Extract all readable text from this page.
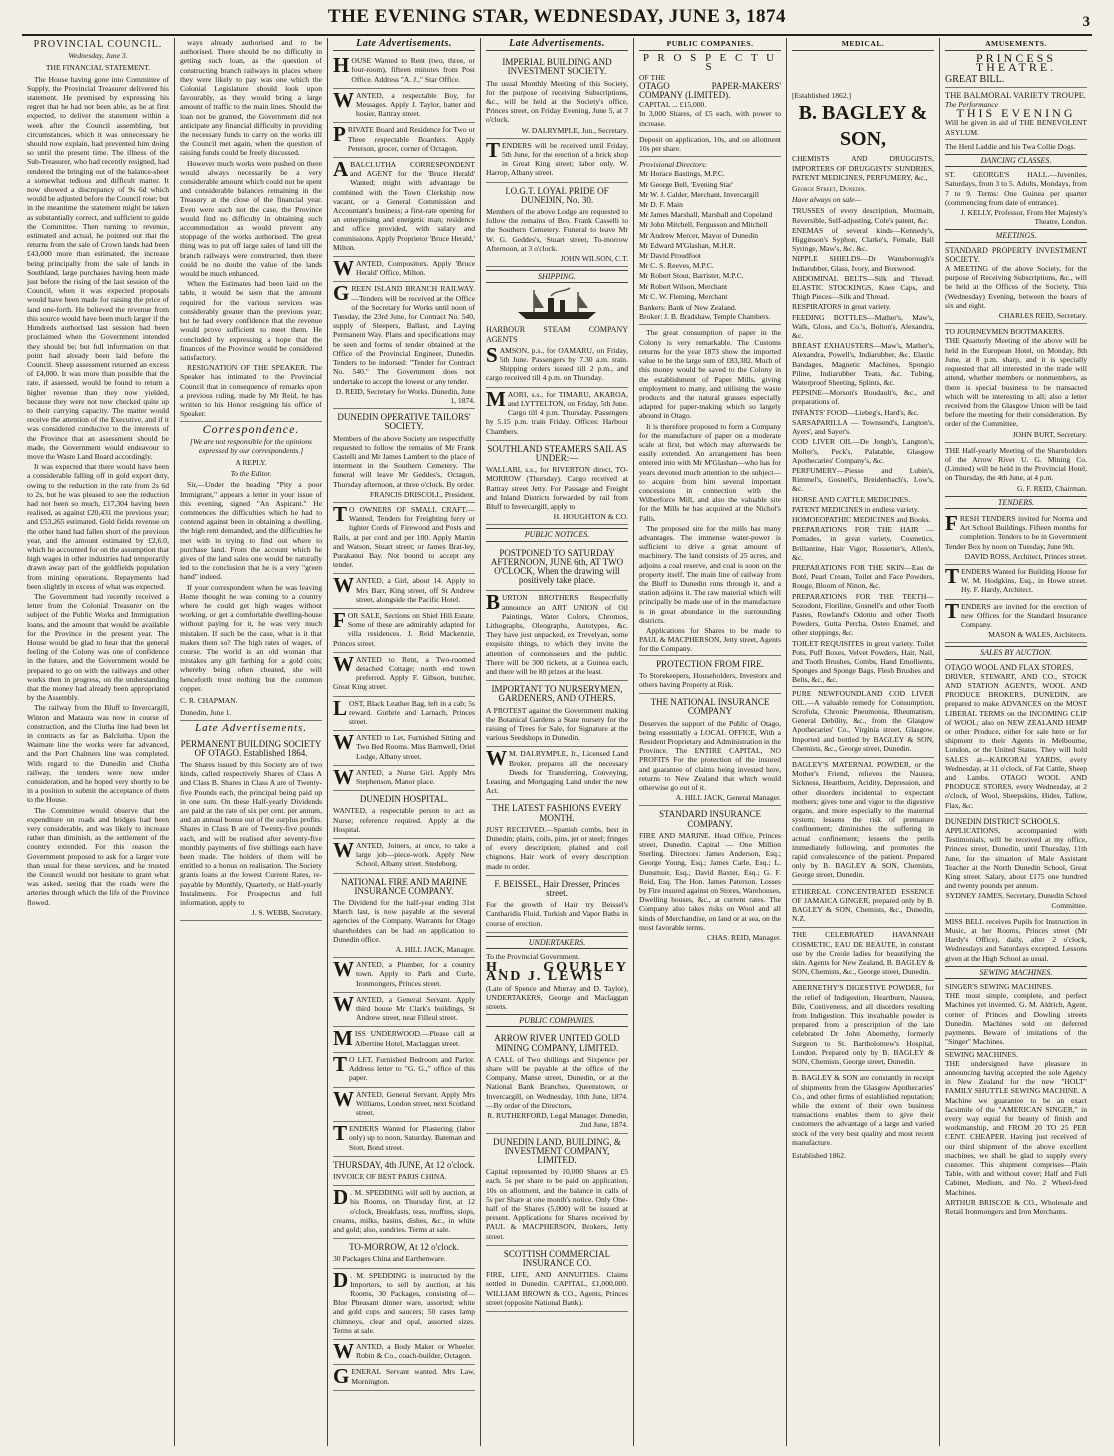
THE EVENING STAR, WEDNESDAY, JUNE 3, 1874	3
PROVINCIAL COUNCIL.
Wednesday, June 3.
THE FINANCIAL STATEMENT.

The House having gone into Committee of Supply, the Provincial Treasurer delivered his statement. He premised by expressing his regret that he had not been able, as he at first expected, to deliver the statement within a week after the Council assembling, but circumstances, which it was unnecessary he should now explain, had prevented him doing so until the present time. The illness of the Sub-Treasurer, who had recently resigned, had rendered the bringing out of the balance-sheet a somewhat tedious and difficult matter. It now showed a discrepancy of 9s 6d which would be adjusted before the Council rose; but in the meantime the statement might be taken as substantially correct, and sufficient to guide the Committee. Then turning to revenue, estimated and actual, he pointed out that the returns from the sale of Crown lands had been £43,000 more than estimated, the increase being principally from the sale of lands in Southland, large purchases having been made just before the rising of the last session of the Council, when it was expected proposals would have been made for raising the price of land one-forth. He believed the revenue from this source would have been much larger if the Hundreds authorised last session had been proclaimed when the Government intended they should be; but full information on that point had already been laid before the Council. Sheep assessment returned an excess of £4,000. It was more than possible that the rate, if assessed, would be found to return a higher revenue than they now yielded, because they were not now checked quite up to their carrying capacity. The matter would receive the attention of the Executive, and if it was considered conducive to the interests of the Province that an assessment should be made, the Government would endeavour to move the Waste Land Board accordingly.

It was expected that there would have been a considerable falling off in gold export duty, owing to the reduction in the rate from 2s 6d to 2s, but he was pleased to see the reduction had not been so much, £17,304 having been realised, as against £20,431 the previous year; and £53,265 estimated. Gold fields revenue on the other hand had fallen short of the previous year, and the amount estimated by £2,6.0, which he accounted for on the assumption that high wages in other industries had temporarily drawn away part of the goldfields population from mining operations. Repayments had been slightly in excess of what was expected.

The Government had recently received a letter from the Colonial Treasurer on the subject of the Public Works and Immigration loans, and the amount that would be available for the Province in the present year. The House would be glad to hear that the general feeling of the Colony was one of confidence in the future, and the Government would be prepared to go on with the railways and other works then in progress, on the understanding that the money had already been appropriated by the Assembly.

The railway from the Bluff to Invercargill, Winton and Mataura was now in course of construction, and the Clutha line had been let in contracts as far as Balclutha. Upon the Waimate line the works were far advanced, and the Port Chalmers line was completed. With regard to the Dunedin and Clutha railway, the tenders were now under consideration, and he hoped very shortly to be in a position to submit the acceptance of them to the House.

The Committee would observe that the expenditure on roads and bridges had been very considerable, and was likely to increase rather than diminish, as the settlement of the country extended. For this reason the Government proposed to ask for a larger vote than usual for these services, and he trusted the Council would not hesitate to grant what was asked, seeing that the roads were the arteries through which the life of the Province flowed.

ways already authorised and to be authorised. There should be no difficulty in getting such loan, as the question of constructing branch railways in places where they were likely to pay was one which the Colonial Legislature should look upon favourably, as they would bring a large amount of traffic to the main lines. Should the loan not be granted, the Government did not anticipate any financial difficulty in providing the necessary funds to carry on the works till the Council met again, when the question of raising funds could be freely discussed.

However much works were pushed on there would always necessarily be a very considerable amount which could not be spent and considerable balances remaining in the Treasury at the close of the financial year. Even were such not the case, the Province would find no difficulty in obtaining such accommodation as would prevent any stoppage of the works authorised. The great thing was to put off large sales of land till the branch railways were constructed, then there could be no doubt the value of the lands would be much enhanced.

When the Estimates had been laid on the table, it would be seen that the amount required for the various services was considerably greater than the previous year; but he had every confidence that the revenue would prove sufficient to meet them. He concluded by expressing a hope that the finances of the Province would be considered satisfactory.

RESIGNATION OF THE SPEAKER. The Speaker has intimated to the Provincial Council that in consequence of remarks upon a previous ruling, made by Mr Reid, he has written to his Honor resigning his office of Speaker.

Correspondence.
[We are not responsible for the opinions expressed by our correspondents.]
A REPLY.
To the Editor.

Sir,—Under the heading "Pity a poor Immigrant," appears a letter in your issue of this evening, signed "An Aspirant." He commences the difficulties which he had to contend against been in obtaining a dwelling, the high rent demanded, and the difficulties he met with in trying to find out where to purchase land. From the account which he gives of the land sales one would be naturally led to the conclusion that he is a very "green hand" indeed.

If your correspondent when he was leaving Home thought he was coming to a country where he could get high wages without working, or get a comfortable dwelling-house without paying for it, he was very much mistaken. If such be the case, what is it that makes them so? The high rates of wages, of course. The world is an old woman that mistakes any gilt farthing for a gold coin; whereby being often cheated, she will henceforth trust nothing but the common copper.

C. R. CHAPMAN.
Dunedin, June 1.
Late Advertisements.
PERMANENT BUILDING SOCIETY OF OTAGO. Established 1864.

The Shares issued by this Society are of two kinds, called respectively Shares of Class A and Class B. Shares in Class A are of Twenty-five Pounds each, the principal being paid up in one sum. On these Half-yearly Dividends are paid at the rate of six per cent. per annum, and an annual bonus out of the surplus profits. Shares in Class B are of Twenty-five pounds each, and will be realised after seventy-five monthly payments of five shillings each have been made. The holders of them will be entitled to a bonus on realisation. The Society grants loans at the lowest Current Rates, re-payable by Monthly, Quarterly, or Half-yearly Instalments. For Prospectus and full information, apply to

J. S. WEBB, Secretary.
Late Advertisements.

HOUSE Wanted to Rent (two, three, or four-room), fifteen minutes from Post Office. Address "A. J.," Star Office.

WANTED, a respectable Boy, for Messages. Apply J. Taylor, hatter and hosier, Rattray street.

PRIVATE Board and Residence for Two or Three respectable Boarders. Apply Peterson, grocer, corner of Octagon.

A BALCLUTHA CORRESPONDENT and AGENT for the 'Bruce Herald' Wanted; might with advantage be combined with the Town Clerkship now vacant, or a General Commission and Accountant's business; a first-rate opening for an enterprising and energetic man; residence and office provided, with salary and commissions. Apply Proprietor 'Bruce Herald,' Milton.

WANTED, Compositors. Apply 'Bruce Herald' Office, Milton.

GREEN ISLAND BRANCH RAILWAY.—Tenders will be received at the Office of the Secretary for Works until noon of Tuesday, the 23rd June, for Contract No. 540, supply of Sleepers, Ballast, and Laying Permanent Way. Plans and specifications may be seen and forms of tender obtained at the Office of the Provincial Engineer, Dunedin. Tenders to be indorsed: "Tender for Contract No. 540." The Government does not undertake to accept the lowest or any tender.

D. REID, Secretary for Works. Dunedin, June 1, 1874.
DUNEDIN OPERATIVE TAILORS' SOCIETY.

Members of the above Society are respectfully requested to follow the remains of Mr Frank Castelli and Mr James Lambert to the place of interment in the Southern Cemetery. The funeral will leave Mr Geddes's, Octagon, Thursday afternoon, at three o'clock. By order.

FRANCIS DRISCOLL, President.

T O OWNERS OF SMALL CRAFT.—Wanted, Tenders for Freighting ferry or lighter Cords of Firewood and Posts and Rails, at per cord and per 100. Apply Martin and Watson, Stuart street; or James Brat-ley, Purakanui Bay. Not bound to accept any tender.

WANTED, a Girl, about 14. Apply to Mrs Barr, King street, off St Andrew street, alongside the Pacific Hotel.

FOR SALE, Sections on Shiel Hill Estate. Some of these are admirably adapted for villa residences. J. Reid Mackenzie, Princes street.

WANTED to Rent, a Two-roomed detached Cottage; north end town preferred. Apply F. Gibson, butcher, Great King street.

LOST, Black Leather Bag, left in a cab; 5s reward. Guthrie and Larnach, Princes street.

WANTED to Let, Furnished Sitting and Two Bed Rooms. Miss Barnwell, Oriel Lodge, Albany street.

WANTED, a Nurse Girl. Apply Mrs Stephenson, Manor place.

DUNEDIN HOSPITAL.

WANTED, a respectable person to act as Nurse; reference required. Apply at the Hospital.

WANTED, Joiners, at once, to take a large job—piece-work. Apply New School, Albany street. Stedeborg.

NATIONAL FIRE AND MARINE INSURANCE COMPANY.

The Dividend for the half-year ending 31st March last, is now payable at the several agencies of the Company. Warrants for Otago shareholders can be had on application to Dunedin office.

A. HILL JACK, Manager.

WANTED, a Plumber, for a country town. Apply to Park and Curle, Ironmongers, Princes street.

WANTED, a General Servant. Apply third house Mr Clark's buildings, St Andrew street, near Filleul street.

MISS UNDERWOOD.—Please call at Albertine Hotel, Maclaggan street.

T O LET, Furnished Bedroom and Parlor. Address letter to "G. G.," office of this paper.

WANTED, General Servant. Apply Mrs Williams, London street, next Scotland street.

TENDERS Wanted for Plastering (labor only) up to noon, Saturday. Bateman and Stott, Bond street.

THURSDAY, 4th JUNE, At 12 o'clock.

INVOICE OF BEST PARIS CHINA.

D . M. SPEDDING will sell by auction, at his Rooms, on Thursday first, at 12 o'clock, Breakfasts, teas, muffins, slops, creams, milks, basins, dishes, &c., in white and gold; also, sundries. Terms at sale.

TO-MORROW, At 12 o'clock.

30 Packages China and Earthenware.

D . M. SPEDDING is instructed by the Importers, to sell by auction, at his Rooms, 30 Packages, consisting of—Blue Pheasant dinner ware, assorted; white and gold cups and saucers; 50 cases lamp chimneys, clear and opal, assorted sizes. Terms at sale.

WANTED, a Body Maker or Wheeler. Robin & Co., coach-builder, Octagon.

GENERAL Servant wanted. Mrs Law, Mornington.

Late Advertisements.
IMPERIAL BUILDING AND INVESTMENT SOCIETY.

The usual Monthly Meeting of this Society, for the purpose of receiving Subscriptions, &c., will be held at the Society's office, Princes street, on Friday Evening, June 5, at 7 o'clock.

W. DALRYMPLE, Jun., Secretary.

TENDERS will be received until Friday, 5th June, for the erection of a brick shop in Great King street; labor only. W. Harrop, Albany street.

I.O.G.T. LOYAL PRIDE OF DUNEDIN, No. 30.

Members of the above Lodge are requested to follow the remains of Bro. Frank Casselli to the Southern Cemetery. Funeral to leave Mr W. G. Geddes's, Stuart street, To-morrow Afternoon, at 3 o'clock.

JOHN WILSON, C.T.
SHIPPING.
HARBOUR STEAM COMPANY AGENTS

SAMSON, p.s., for OAMARU, on Friday, 5th June. Passengers by 7.30 a.m. train. Shipping orders issued till 2 p.m., and cargo received till 4 p.m. on Thursday.

MAORI, s.s., for TIMARU, AKAROA, and LYTTELTON, on Friday, 5th June. Cargo till 4 p.m. Thursday. Passengers by 5.15 p.m. train Friday. Offices: Harbour Chambers.

SOUTHLAND STEAMERS SAIL AS UNDER:—

WALLABI, s.s., for RIVERTON direct, TO-MORROW (Thursday). Cargo received at Rattray street Jetty. For Passage and Freight and Inland Districts forwarded by rail from Bluff to Invercargill, apply to

H. HOUGHTON & CO.
PUBLIC NOTICES.
POSTPONED TO SATURDAY AFTERNOON, JUNE 6th, AT TWO O'CLOCK, When the drawing will positively take place.

BURTON BROTHERS Respectfully announce an ART UNION of Oil Paintings, Water Colors, Chromos, Lithographs, Oleographs, Autotypes, &c. They have just unpacked, ex Trevelyan, some exquisite things, to which they invite the attention of connoisseurs and the public. There will be 300 tickets, at a Guinea each, and there will be 80 prizes at the least.

IMPORTANT TO NURSERYMEN, GARDENERS, AND OTHERS.

A PROTEST against the Government making the Botanical Gardens a State nursery for the raising of Trees for Sale, for Signature at the various Seedshops in Dunedin.

W M. DALRYMPLE, Jr., Licensed Land Broker, prepares all the necessary Deeds for Transferring, Conveying, Leasing, and Mortgaging Land under the new Act.

THE LATEST FASHIONS EVERY MONTH.

JUST RECEIVED.—Spanish combs, best in Dunedin; plaits, coils, pins, jet or steel; fringes of every description; plaited and coil chignons. Hair work of every description made to order.

F. BEISSEL, Hair Dresser, Princes street.

For the growth of Hair try Beissel's Cantharidis Fluid. Turkish and Vapor Baths in course of erection.

UNDERTAKERS.
To the Provincial Government.
H. GOURLEY AND J. LEWIS
(Late of Spence and Murray and D. Taylor), UNDERTAKERS, George and Maclaggan streets.
PUBLIC COMPANIES.
ARROW RIVER UNITED GOLD MINING COMPANY, LIMITED.

A CALL of Two shillings and Sixpence per share will be payable at the office of the Company, Manse street, Dunedin, or at the National Bank Branches, Queenstown, or Invercargill, on Wednesday, 10th June, 1874.—By order of the Directors,

R. RUTHERFORD, Legal Manager. Dunedin, 2nd June, 1874.
DUNEDIN LAND, BUILDING, & INVESTMENT COMPANY, LIMITED.

Capital represented by 10,000 Shares at £5 each. 5s per share to be paid on application, 10s on allotment, and the balance in calls of 5s per Share at one month's notice. Only One-half of the Shares (5,000) will be issued at present. Applications for Shares received by PAUL & MACPHERSON, Brokers, Jetty street.

SCOTTISH COMMERCIAL INSURANCE CO.

FIRE, LIFE, AND ANNUITIES. Claims settled in Dunedin. CAPITAL, £1,000,000. WILLIAM BROWN & CO., Agents, Princes street (opposite National Bank).

PUBLIC COMPANIES.
P R O S P E C T U S
OF THE
OTAGO PAPER-MAKERS' COMPANY (LIMITED).
CAPITAL ... £15,000.
In 3,000 Shares, of £5 each, with power to increase.
Deposit on application, 10s, and on allotment 10s per share.
Provisional Directors:
Mr Horace Bastings, M.P.C.
Mr George Bell, 'Evening Star'
Mr W. J. Calder, Merchant, Invercargill
Mr D. F. Main
Mr James Marshall, Marshall and Copeland
Mr John Mitchell, Fergusson and Mitchell
Mr Andrew Mercer, Mayor of Dunedin
Mr Edward M'Glashan, M.H.R.
Mr David Proudfoot
Mr C. S. Reeves, M.P.C.
Mr Robert Stout, Barrister, M.P.C.
Mr Robert Wilson, Merchant
Mr C. W. Fleming, Merchant
Bankers: Bank of New Zealand.
Broker: J. B. Bradshaw, Temple Chambers.

The great consumption of paper in the Colony is very remarkable. The Customs returns for the year 1873 show the imported value to be the large sum of £83,382. Much of this money would be saved to the Colony in the establishment of Paper Mills, giving employment to many, and utilising the waste products and the natural grasses especially adapted for paper-making which so largely abound in Otago.

It is therefore proposed to form a Company for the manufacture of paper on a moderate scale at first, but which may afterwards be easily extended. An arrangement has been entered into with Mr M'Glashan—who has for years devoted much attention to the subject—to acquire from him several important concessions in connection with the Wilberforce Mill, and also the valuable site for the Mills he has acquired at the Nichol's Falls.

The proposed site for the mills has many advantages. The immense water-power is sufficient to drive a great amount of machinery. The land consists of 25 acres, and adjoins a coal reserve, and coal is soon on the property itself. The main line of railway from the Bluff to Dunedin runs through it, and a station adjoins it. The raw material which will principally be made use of in the manufacture is in great abundance in the surrounding districts.

Applications for Shares to be made to PAUL & MACPHERSON, Jetty street, Agents for the Company.

PROTECTION FROM FIRE.

To Storekeepers, Householders, Investors and others having Property at Risk.

THE NATIONAL INSURANCE COMPANY

Deserves the support of the Public of Otago, being essentially a LOCAL OFFICE, With a Resident Proprietary and Administration in the Province. The ENTIRE CAPITAL, NO PROFITS For the protection of the insured and guarantee of claims being invested here, returns to New Zealand that which would otherwise go out of it.

A. HILL JACK, General Manager.
STANDARD INSURANCE COMPANY.

FIRE AND MARINE. Head Office, Princes street, Dunedin. Capital — One Million Sterling. Directors: James Anderson, Esq.; George Young, Esq.; James Carle, Esq.; L. Dunsmuir, Esq.; David Baxter, Esq.; G. F. Reid, Esq. The Hon. James Paterson. Losses by Fire insured against on Stores, Warehouses, Dwelling houses, &c., at current rates. The Company also takes risks on Wool and all kinds of Merchandise, on land or at sea, on the most favorable terms.

CHAS. REID, Manager.
MEDICAL.
[Established 1862.]
B. BAGLEY & SON,
CHEMISTS AND DRUGGISTS, IMPORTERS OF DRUGGISTS' SUNDRIES, PATENT MEDICINES, PERFUMERY, &c.,
George Street, Dunedin.
Have always on sale—
TRUSSES of every description, Mocmain, Reversible, Self-adjusting, Cole's patent, &c.
ENEMAS of several kinds—Kennedy's, Higginson's Syphon, Clarke's, Female, Ball Syringe, Maw's, &c. &c.
NIPPLE SHIELDS—Dr Wansborough's Indiarubber, Glass, Ivory, and Boxwood.
ABDOMINAL BELTS—Silk and Thread. ELASTIC STOCKINGS, Knee Caps, and Thigh Pieces—Silk and Thread.
RESPIRATORS in great variety.
FEEDING BOTTLES—Mather's, Maw's, Walk, Gloss, and Co.'s, Bolton's, Alexandra, &c.
BREAST EXHAUSTERS—Maw's, Mather's, Alexandra, Powell's, Indiarubber, &c. Elastic Bandages, Magnetic Machines, Spongio Piline, Indiarubber Teats, &c. Tubing, Waterproof Sheeting, Splints, &c.
PEPSINE—Morson's Boudault's, &c., and preparations of.
INFANTS' FOOD—Liebeg's, Hard's, &c.
SARSAPARILLA — Townsend's, Langton's, Ayers', and Sayer's.
COD LIVER OIL—De Jongh's, Langton's, Moller's, Peck's, Palatable, Glasgow Apothecaries' Company's, &c.
PERFUMERY—Piesse and Lubin's, Rimmel's, Gosnell's, Breidenbach's, Low's, &c.
HORSE AND CATTLE MEDICINES.
PATENT MEDICINES in endless variety.
HOMOEOPATHIC MEDICINES and Books.
PREPARATIONS FOR THE HAIR — Pomades, in great variety, Cosmetics, Brillantine, Hair Vigor, Rossetter's, Allen's, &c.
PREPARATIONS FOR THE SKIN—Eau de Boté, Pearl Cream, Toilet and Face Powders, Rouge, Bloom of Ninon, &c.
PREPARATIONS FOR THE TEETH—Sozodont, Floriline, Gosnell's and other Tooth Pastes, Rowland's Odonto and other Tooth Powders, Gutta Percha, Osteo Enamel, and other stoppings, &c.
TOILET REQUISITES in great variety. Toilet Pots, Puff Boxes, Velvet Powders, Hair, Nail, and Tooth Brushes, Combs, Hand Emollients, Sponges and Sponge Bags, Flesh Brushes and Belts, &c., &c.

PURE NEWFOUNDLAND COD LIVER OIL.—A valuable remedy for Consumption, Scrofula, Chronic Pneumonia, Rheumatism, General Debility, &c., from the Glasgow Apothecaries' Co., Virginia street, Glasgow. Imported and bottled by BAGLEY & SON, Chemists, &c., George street, Dunedin.

BAGLEY'S MATERNAL POWDER, or the Mother's Friend, relieves the Nausea, Sickness, Heartburn, Acidity, Depression, and other disorders incidental to expectant mothers; gives tone and vigor to the digestive organs, and more especially to the maternal system; lessens the risk of premature confinement; diminishes the suffering in actual confinement; lessens the perils immediately following, and promotes the rapid convalescence of the patient. Prepared only by B. BAGLEY & SON, Chemists, George street, Dunedin.

ETHEREAL CONCENTRATED ESSENCE OF JAMAICA GINGER, prepared only by B. BAGLEY & SON, Chemists, &c., Dunedin, N.Z.

THE CELEBRATED HAVANNAH COSMETIC, EAU DE BEAUTE, in constant use by the Creole ladies for beautifying the skin. Agents for New Zealand, B. BAGLEY & SON, Chemists, &c., George street, Dunedin.

ABERNETHY'S DIGESTIVE POWDER, for the relief of Indigestion, Heartburn, Nausea, Bile, Costiveness, and all disorders resulting from Indigestion. This invaluable powder is prepared from a prescription of the late celebrated Dr John Abernethy, formerly Surgeon to St. Bartholomew's Hospital, London. Prepared only by B. BAGLEY & SON, Chemists, George street, Dunedin.

B. BAGLEY & SON are constantly in receipt of shipments from the Glasgow Apothecaries' Co., and other firms of established reputation; while the extent of their own business transactions enables them to give their customers the advantage of a large and varied stock of the very best quality and most recent manufacture.

Established 1862.
AMUSEMENTS.
PRINCESS THEATRE.
GREAT BILL.
THE BALMORAL VARIETY TROUPE.
The Performance
THIS EVENING
Will be given in aid of THE BENEVOLENT ASYLUM.
The Herd Laddie and his Twa Collie Dogs.
DANCING CLASSES.

ST. GEORGE'S HALL.—Juveniles, Saturdays, from 3 to 5. Adults, Mondays, from 7 to 9. Terms: One Guinea per quarter (commencing from date of entrance).

J. KELLY, Professor, From Her Majesty's Theatre, London.
MEETINGS.
STANDARD PROPERTY INVESTMENT SOCIETY.

A MEETING of the above Society, for the purpose of Receiving Subscriptions, &c., will be held at the Offices of the Society, This (Wednesday) Evening, between the hours of six and eight.

CHARLES REID, Secretary.
TO JOURNEYMEN BOOTMAKERS.

THE Quarterly Meeting of the above will be held in the European Hotel, on Monday, 8th June, at 8 p.m. sharp, and it is specially requested that all interested in the trade will attend, whether members or nonmembers, as there is special business to be transacted which will be interesting to all; also a letter received from the Glasgow Union will be laid before the meeting for their consideration. By order of the Committee,

JOHN BURT, Secretary.

THE Half-yearly Meeting of the Shareholders of the Arrow River U. G. Mining Co. (Limited) will be held in the Provincial Hotel, on Thursday, the 4th June, at 4 p.m.

G. F. REID, Chairman.
TENDERS.

FRESH TENDERS invited for Norma and Art School Buildings. Fifteen months for completion. Tenders to be in Government Tender Box by noon on Tuesday, June 9th.

DAVID ROSS, Architect, Princes street.

TENDERS Wanted for Building House for W. M. Hodgkins, Esq., in Howe street. Hy. F. Hardy, Architect.

TENDERS are invited for the erection of new Offices for the Standard Insurance Company.

MASON & WALES, Architects.
SALES BY AUCTION.
OTAGO WOOL AND FLAX STORES.

DRIVER, STEWART, AND CO., STOCK AND STATION AGENTS, WOOL AND PRODUCE BROKERS, DUNEDIN, are prepared to make ADVANCES on the MOST LIBERAL TERMS on the INCOMING CLIP of WOOL; also on NEW ZEALAND HEMP or other Produce, either for sale here or for shipment to their Agents in Melbourne, London, or the United States. They will hold SALES at—KAIKORAI YARDS, every Wednesday, at 11 o'clock, of Fat Cattle, Sheep and Lambs. OTAGO WOOL AND PRODUCE STORES, every Wednesday, at 2 o'clock, of Wool, Sheepskins, Hides, Tallow, Flax, &c.

DUNEDIN DISTRICT SCHOOLS.

APPLICATIONS, accompanied with Testimonials, will be received at my office, Princes street, Dunedin, until Thursday, 11th June, for the situation of Male Assistant Teacher at the North Dunedin School, Great King street. Salary, about £175 one hundred and twenty pounds per annum.

SYDNEY JAMES, Secretary, Dunedin School Committee.

MISS BELL receives Pupils for Instruction in Music, at her Rooms, Princes street (Mr Hardy's Office), daily, after 2 o'clock, Wednesdays and Saturdays excepted. Lessons given at the High School as usual.

SEWING MACHINES.
SINGER'S SEWING MACHINES.

THE most simple, complete, and perfect Machines yet invented. G. M. Aldrich, Agent, corner of Princes and Dowling streets Dunedin. Machines sold on deferred payments. Beware of imitations of the "Singer" Machines.

SEWING MACHINES.

THE undersigned have pleasure in announcing having accepted the sole Agency in New Zealand for the new "HOLT" FAMILY SHUTTLE SEWING MACHINE. A Machine we guarantee to be an exact facsimile of the "AMERICAN SINGER," in every way equal for beauty of finish and workmanship, and FROM 20 TO 25 PER CENT. CHEAPER. Having just received of our third shipment of the above excellent machines, we shall be glad to supply every customer. This shipment comprises—Plain Table, with and without cover; Half and Full Cabinet, Medium, and No. 2 Wheel-feed Machines.

ARTHUR BRISCOE & CO., Wholesale and Retail Ironmongers and Iron Merchants.
